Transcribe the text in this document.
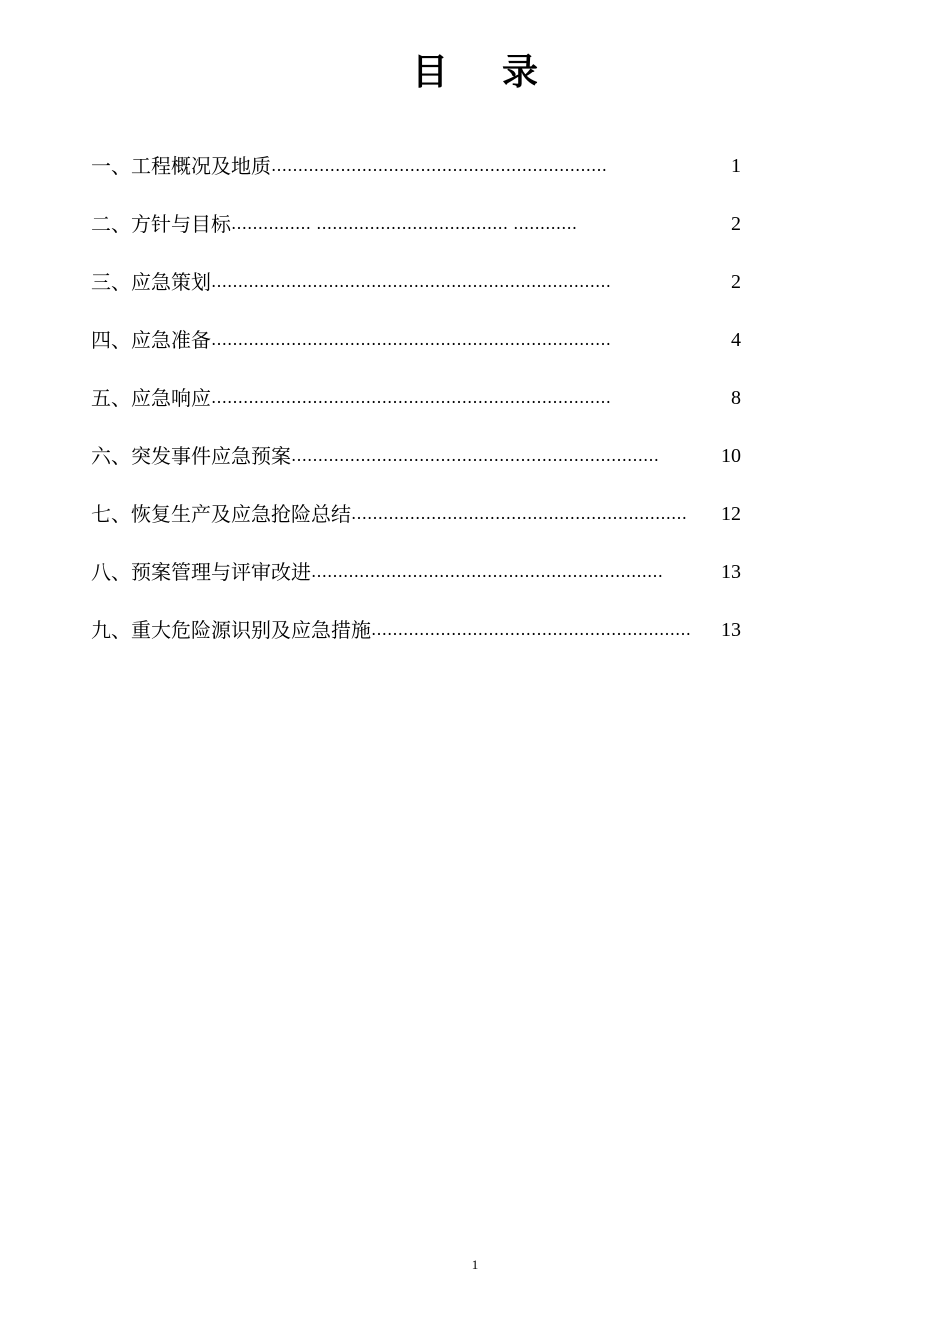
目 录
一、工程概况及地质 ………………………………………………………	1
二、方针与目标 …………… ……………………………… …………	2
三、应急策划 …………………………………………………………………	2
四、应急准备 …………………………………………………………………	4
五、应急响应 …………………………………………………………………	8
六、突发事件应急预案 ……………………………………………………………	10
七、恢复生产及应急抢险总结 ………………………………………………………	12
八、预案管理与评审改进 …………………………………………………………	13
九、重大危险源识别及应急措施 ……………………………………………………	13
1
